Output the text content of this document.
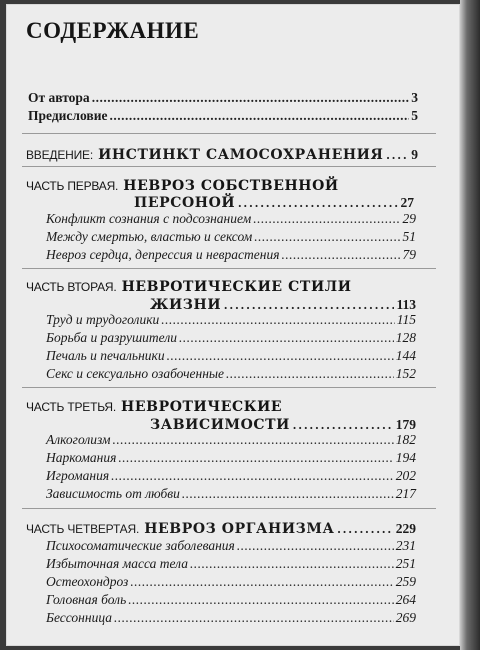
СОДЕРЖАНИЕ
От автора .....	3
Предисловие .....	5
ВВЕДЕНИЕ: ИНСТИНКТ САМОСОХРАНЕНИЯ ..... 9
ЧАСТЬ ПЕРВАЯ. НЕВРОЗ СОБСТВЕННОЙ
ПЕРСОНОЙ .....	27
Конфликт сознания с подсознанием .....	29
Между смертью, властью и сексом .....	51
Невроз сердца, депрессия и неврастения .....	79
ЧАСТЬ ВТОРАЯ. НЕВРОТИЧЕСКИЕ СТИЛИ
ЖИЗНИ .....	113
Труд и трудоголики .....	115
Борьба и разрушители .....	128
Печаль и печальники .....	144
Секс и сексуально озабоченные .....	152
ЧАСТЬ ТРЕТЬЯ. НЕВРОТИЧЕСКИЕ
ЗАВИСИМОСТИ .....	179
Алкоголизм .....	182
Наркомания .....	194
Игромания .....	202
Зависимость от любви .....	217
ЧАСТЬ ЧЕТВЕРТАЯ. НЕВРОЗ ОРГАНИЗМА .....	229
Психосоматические заболевания .....	231
Избыточная масса тела .....	251
Остеохондроз .....	259
Головная боль .....	264
Бессонница .....	269
